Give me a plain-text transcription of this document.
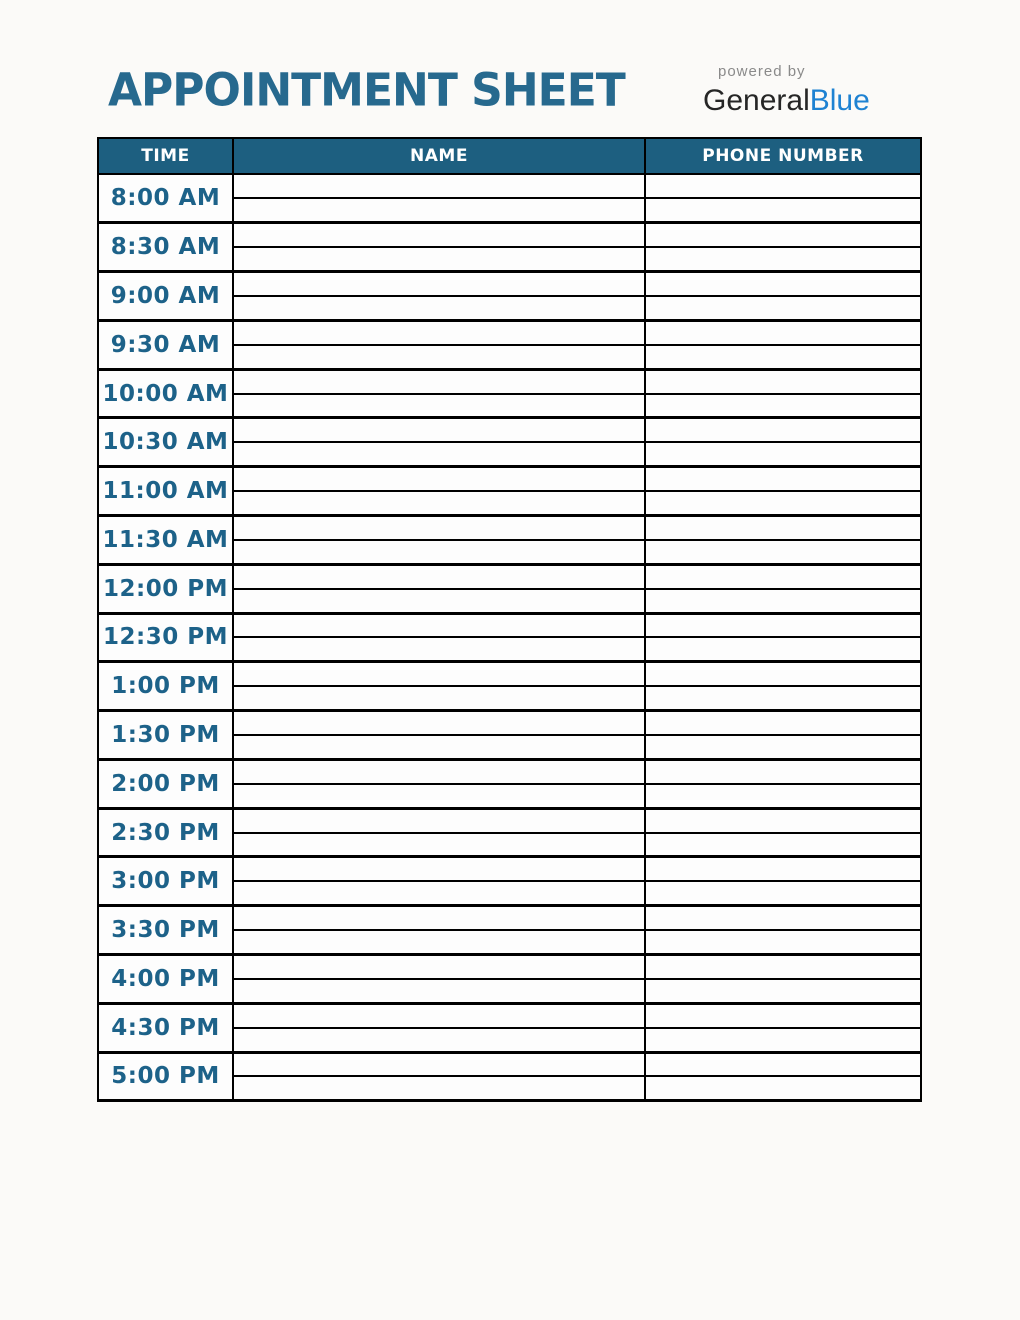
APPOINTMENT SHEET	powered by
GeneralBlue
TIME	NAME	PHONE NUMBER
8:00 AM		

8:30 AM		

9:00 AM		

9:30 AM		

10:00 AM		

10:30 AM		

11:00 AM		

11:30 AM		

12:00 PM		

12:30 PM		

1:00 PM		

1:30 PM		

2:00 PM		

2:30 PM		

3:00 PM		

3:30 PM		

4:00 PM		

4:30 PM		

5:00 PM		
